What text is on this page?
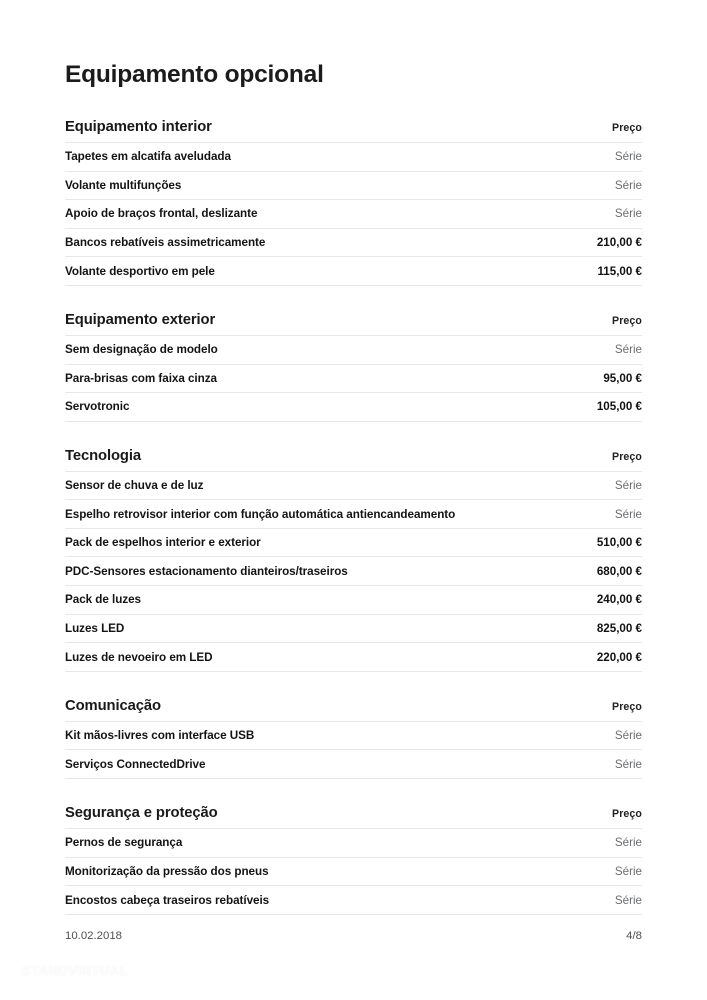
Equipamento opcional
Equipamento interior	Preço
Tapetes em alcatifa aveludada	Série
Volante multifunções	Série
Apoio de braços frontal, deslizante	Série
Bancos rebatíveis assimetricamente	210,00 €
Volante desportivo em pele	115,00 €
Equipamento exterior	Preço
Sem designação de modelo	Série
Para-brisas com faixa cinza	95,00 €
Servotronic	105,00 €
Tecnologia	Preço
Sensor de chuva e de luz	Série
Espelho retrovisor interior com função automática antiencandeamento	Série
Pack de espelhos interior e exterior	510,00 €
PDC-Sensores estacionamento dianteiros/traseiros	680,00 €
Pack de luzes	240,00 €
Luzes LED	825,00 €
Luzes de nevoeiro em LED	220,00 €
Comunicação	Preço
Kit mãos-livres com interface USB	Série
Serviços ConnectedDrive	Série
Segurança e proteção	Preço
Pernos de segurança	Série
Monitorização da pressão dos pneus	Série
Encostos cabeça traseiros rebatíveis	Série
10.02.2018	4/8
STANDVIRTUAL
